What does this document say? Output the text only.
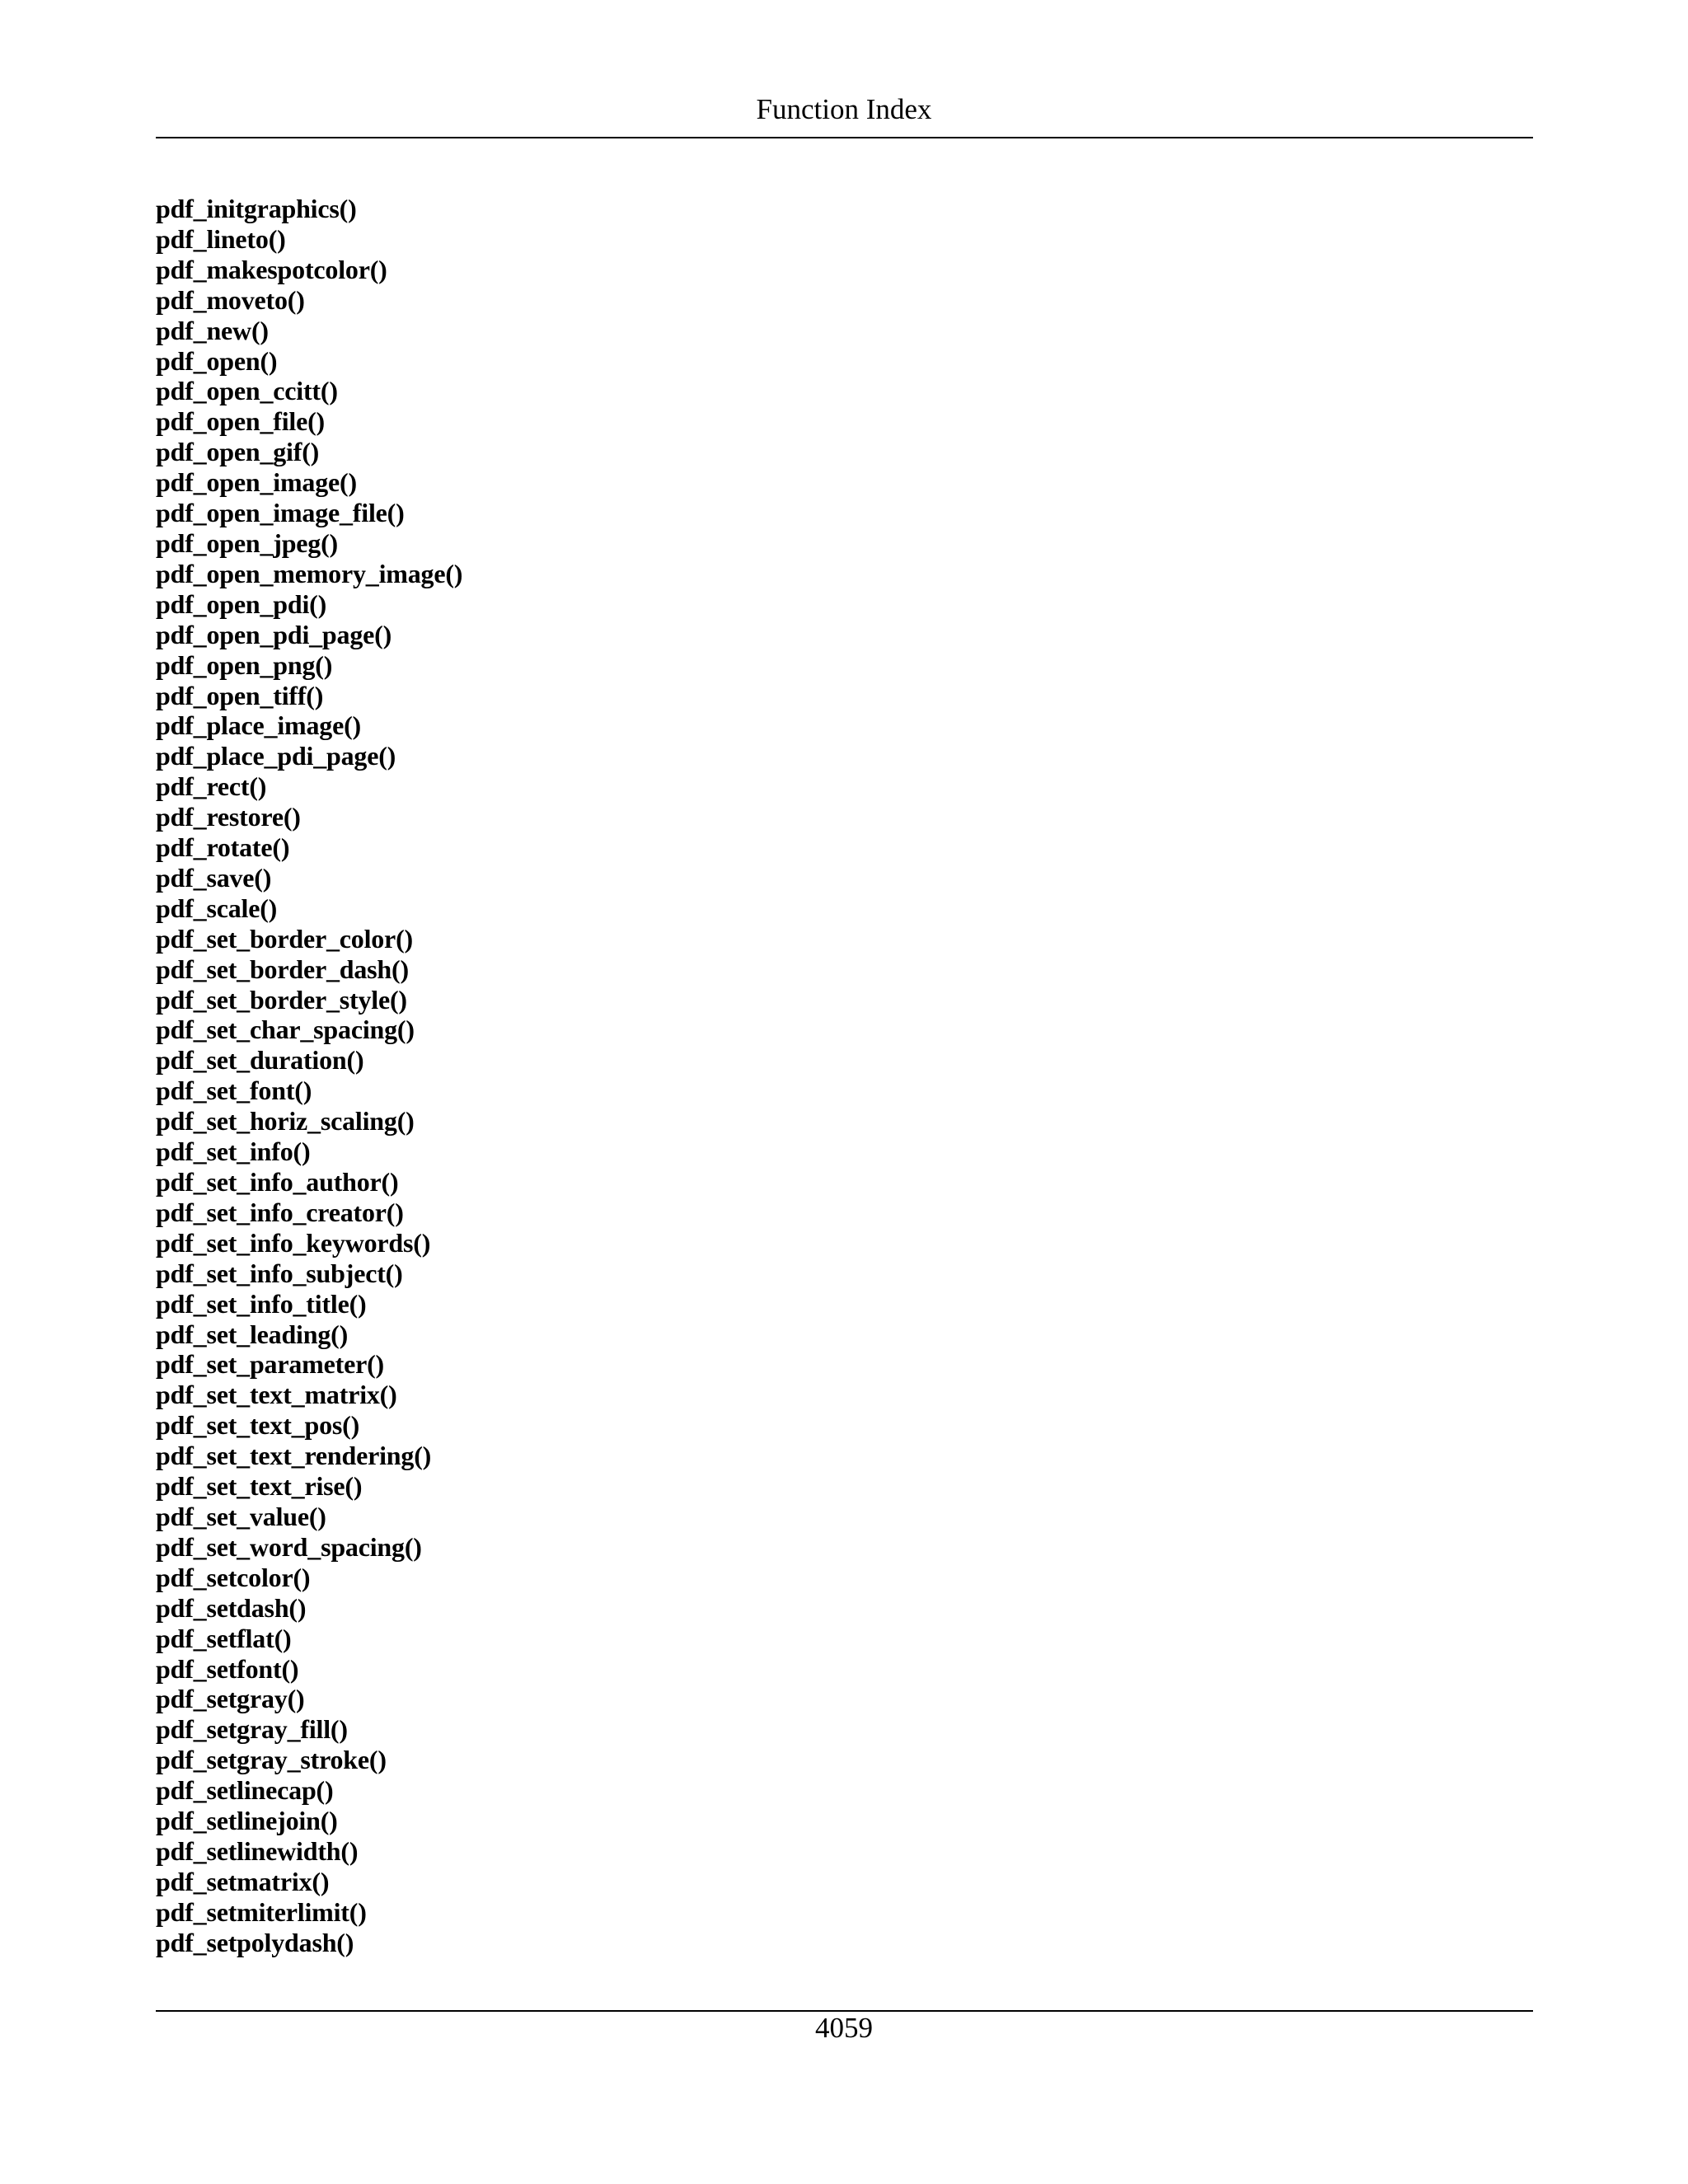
Function Index
pdf_initgraphics()
pdf_lineto()
pdf_makespotcolor()
pdf_moveto()
pdf_new()
pdf_open()
pdf_open_ccitt()
pdf_open_file()
pdf_open_gif()
pdf_open_image()
pdf_open_image_file()
pdf_open_jpeg()
pdf_open_memory_image()
pdf_open_pdi()
pdf_open_pdi_page()
pdf_open_png()
pdf_open_tiff()
pdf_place_image()
pdf_place_pdi_page()
pdf_rect()
pdf_restore()
pdf_rotate()
pdf_save()
pdf_scale()
pdf_set_border_color()
pdf_set_border_dash()
pdf_set_border_style()
pdf_set_char_spacing()
pdf_set_duration()
pdf_set_font()
pdf_set_horiz_scaling()
pdf_set_info()
pdf_set_info_author()
pdf_set_info_creator()
pdf_set_info_keywords()
pdf_set_info_subject()
pdf_set_info_title()
pdf_set_leading()
pdf_set_parameter()
pdf_set_text_matrix()
pdf_set_text_pos()
pdf_set_text_rendering()
pdf_set_text_rise()
pdf_set_value()
pdf_set_word_spacing()
pdf_setcolor()
pdf_setdash()
pdf_setflat()
pdf_setfont()
pdf_setgray()
pdf_setgray_fill()
pdf_setgray_stroke()
pdf_setlinecap()
pdf_setlinejoin()
pdf_setlinewidth()
pdf_setmatrix()
pdf_setmiterlimit()
pdf_setpolydash()
4059
